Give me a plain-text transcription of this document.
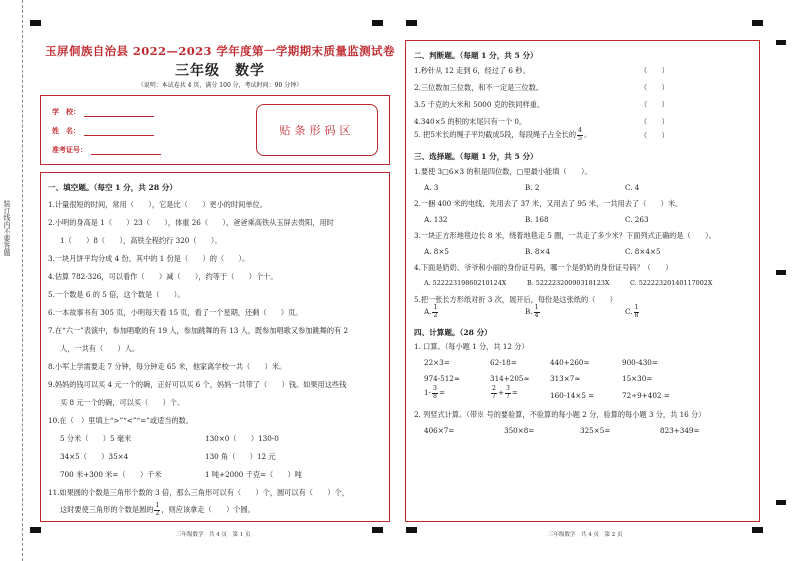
装订线内不要答题
玉屏侗族自治县 2022—2023 学年度第一学期期末质量监测试卷
三年级　数学
（说明：本试卷共 4 页，满分 100 分，考试时间：90 分钟）
学　校：
姓　名：
准考证号：
贴条形码区
一、填空题。（每空 1 分，共 28 分）
1.计量很短的时间，常用（　　），它是比（　　）更小的时间单位。
2.小明的身高是 1（　　）23（　　），体重 26（　　），爸爸乘高铁从玉屏去贵阳，用时
1（　　）8（　　），高铁全程约行 320（　　）。
3.一块月饼平均分成 4 份，其中的 1 份是（　　）的（　　）。
4.估算 782-326，可以看作（　　）减（　　），约等于（　　）个十。
5.一个数是 6 的 5 倍，这个数是（　　）。
6.一本故事书有 305 页，小明每天看 15 页，看了一个星期，还剩（　　）页。
7.在“六一”表演中，参加唱歌的有 19 人，参加跳舞的有 13 人，既参加唱歌又参加跳舞的有 2
人，一共有（　　）人。
8.小军上学需要走 7 分钟，每分钟走 65 米，他家离学校一共（　　）米。
9.妈妈的钱可以买 4 元一个的碗，正好可以买 6 个，妈妈一共带了（　　）钱。如果用这些钱
买 8 元一个的碗，可以买（　　）个。
10.在（　）里填上“>”“<”“=”或适当的数。
5 分米（　　）5 毫米	130×0（　　）130-0
34×5（　　）35×4	130 角（　　）12 元
700 米+300 米=（　　）千米	1 吨+2000 千克=（　　）吨
11.如果圆的个数是三角形个数的 3 倍，那么三角形可以有（　　）个，圆可以有（　　）个，
这时要使三角形的个数是圆的 $\frac{1}{2}$ ，则应该拿走（　　）个圆。
三年级数学　共 4 页　第 1 页
二、判断题。（每题 1 分，共 5 分）
1.秒针从 12 走到 6，经过了 6 秒。	（　　）
2.三位数加三位数，和不一定是三位数。	（　　）
3.5 千克的大米和 5000 克的铁同样重。	（　　）
4.340×5 的积的末尾只有一个 0。	（　　）
5. 把5米长的绳子平均截成5段，每段绳子占全长的 $\frac{4}{5}$ 。	（　　）
三、选择题。（每题 1 分，共 5 分）
1.要使 3□6×3 的积是四位数，□里最小能填（　　）。
A. 3	B. 2	C. 4
2.一捆 400 米的电线，先用去了 37 米，又用去了 95 米，一共用去了（　　）米。
A. 132	B. 168	C. 263
3.一块正方形地毯边长 8 米，绕着地毯走 5 圈，一共走了多少米？下面列式正确的是（　　）。
A. 8×5	B. 8×4	C. 8×4×5
4.下面是奶奶、爷爷和小丽的身份证号码，哪一个是奶奶的身份证号码？（　　）
A. 522223198602101​24X	B. 522223200903181​23X	C. 522223201401170​02X
5.把一张长方形纸对折 3 次，展开后，每份是这张纸的（　　）
A. $\frac{1}{2}$	B. $\frac{1}{4}$	C. $\frac{1}{8}$
四、计算题。（28 分）
1. 口算。（每小题 1 分，共 12 分）
22×3=	62-18=	440+260=	900-430=
974-512≈	314+205≈	313×7≈	15×30=
$1- \frac{3}{8}$ =	$\frac{2}{7} + \frac{3}{7}$ =	160-14×5 =	72÷9+402 =
2. 列竖式计算。（带※ 号的要验算，不验算的每小题 2 分，验算的每小题 3 分，共 16 分）
406×7=	350×8=	325×5=	823+349=
三年级数学　共 4 页　第 2 页
